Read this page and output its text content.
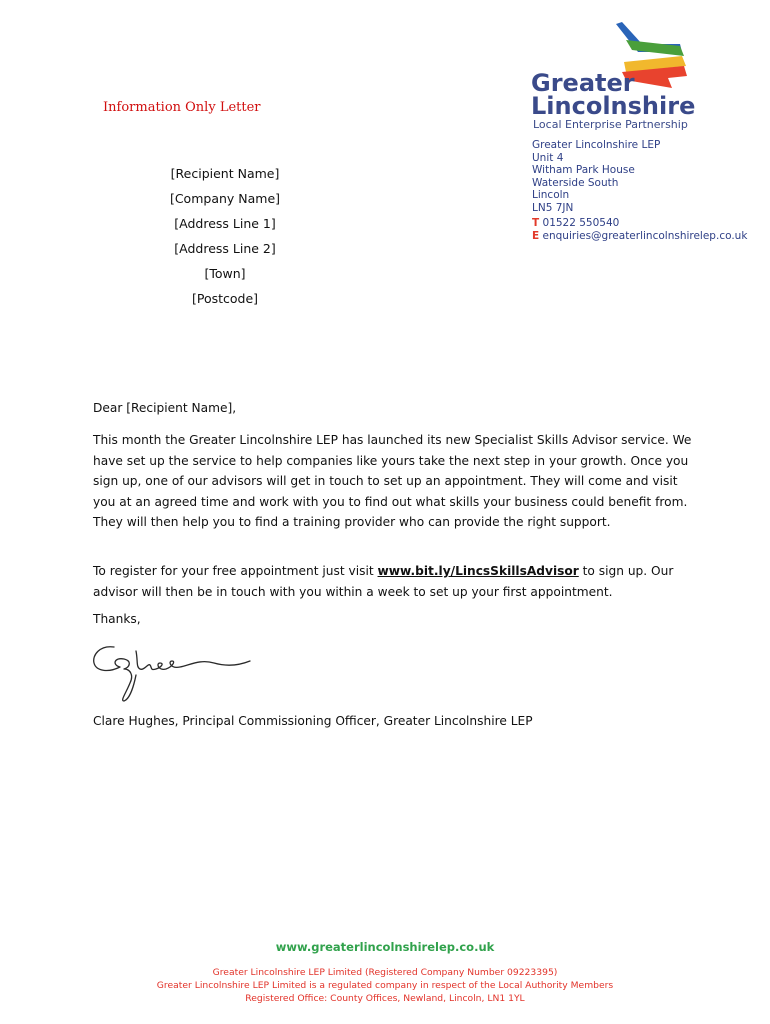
Information Only Letter
[Recipient Name]
[Company Name]
[Address Line 1]
[Address Line 2]
[Town]
[Postcode]
Greater
Lincolnshire
Local Enterprise Partnership
Greater Lincolnshire LEP
Unit 4
Witham Park House
Waterside South
Lincoln
LN5 7JN
T 01522 550540
E enquiries@greaterlincolnshirelep.co.uk
Dear [Recipient Name],
This month the Greater Lincolnshire LEP has launched its new Specialist Skills Advisor service. We have set up the service to help companies like yours take the next step in your growth. Once you sign up, one of our advisors will get in touch to set up an appointment. They will come and visit you at an agreed time and work with you to find out what skills your business could benefit from. They will then help you to find a training provider who can provide the right support.
To register for your free appointment just visit www.bit.ly/LincsSkillsAdvisor to sign up. Our advisor will then be in touch with you within a week to set up your first appointment.
Thanks,
Clare Hughes, Principal Commissioning Officer, Greater Lincolnshire LEP
www.greaterlincolnshirelep.co.uk
Greater Lincolnshire LEP Limited (Registered Company Number 09223395)
Greater Lincolnshire LEP Limited is a regulated company in respect of the Local Authority Members
Registered Office: County Offices, Newland, Lincoln, LN1 1YL
